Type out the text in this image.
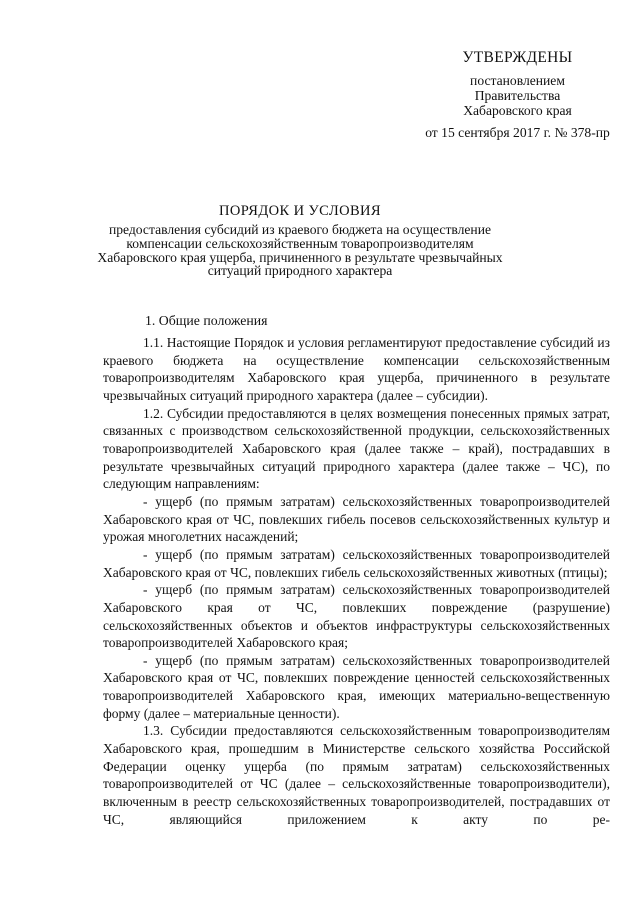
УТВЕРЖДЕНЫ
постановлением
Правительства
Хабаровского края
от 15 сентября 2017 г. № 378-пр
ПОРЯДОК И УСЛОВИЯ
предоставления субсидий из краевого бюджета на осуществление компенсации сельскохозяйственным товаропроизводителям Хабаровского края ущерба, причиненного в результате чрезвычайных ситуаций природного характера
1. Общие положения

1.1. Настоящие Порядок и условия регламентируют предоставление субсидий из краевого бюджета на осуществление компенсации сельскохозяйственным товаропроизводителям Хабаровского края ущерба, причиненного в результате чрезвычайных ситуаций природного характера (далее – субсидии).

1.2. Субсидии предоставляются в целях возмещения понесенных прямых затрат, связанных с производством сельскохозяйственной продукции, сельскохозяйственных товаропроизводителей Хабаровского края (далее также – край), пострадавших в результате чрезвычайных ситуаций природного характера (далее также – ЧС), по следующим направлениям:

- ущерб (по прямым затратам) сельскохозяйственных товаропроизводителей Хабаровского края от ЧС, повлекших гибель посевов сельскохозяйственных культур и урожая многолетних насаждений;

- ущерб (по прямым затратам) сельскохозяйственных товаропроизводителей Хабаровского края от ЧС, повлекших гибель сельскохозяйственных животных (птицы);

- ущерб (по прямым затратам) сельскохозяйственных товаропроизводителей Хабаровского края от ЧС, повлекших повреждение (разрушение) сельскохозяйственных объектов и объектов инфраструктуры сельскохозяйственных товаропроизводителей Хабаровского края;

- ущерб (по прямым затратам) сельскохозяйственных товаропроизводителей Хабаровского края от ЧС, повлекших повреждение ценностей сельскохозяйственных товаропроизводителей Хабаровского края, имеющих материально-вещественную форму (далее – материальные ценности).

1.3. Субсидии предоставляются сельскохозяйственным товаропроизводителям Хабаровского края, прошедшим в Министерстве сельского хозяйства Российской Федерации оценку ущерба (по прямым затратам) сельскохозяйственных товаропроизводителей от ЧС (далее – сельскохозяйственные товаропроизводители), включенным в реестр сельскохозяйственных товаропроизводителей, пострадавших от ЧС, являющийся приложением к акту по ре-
